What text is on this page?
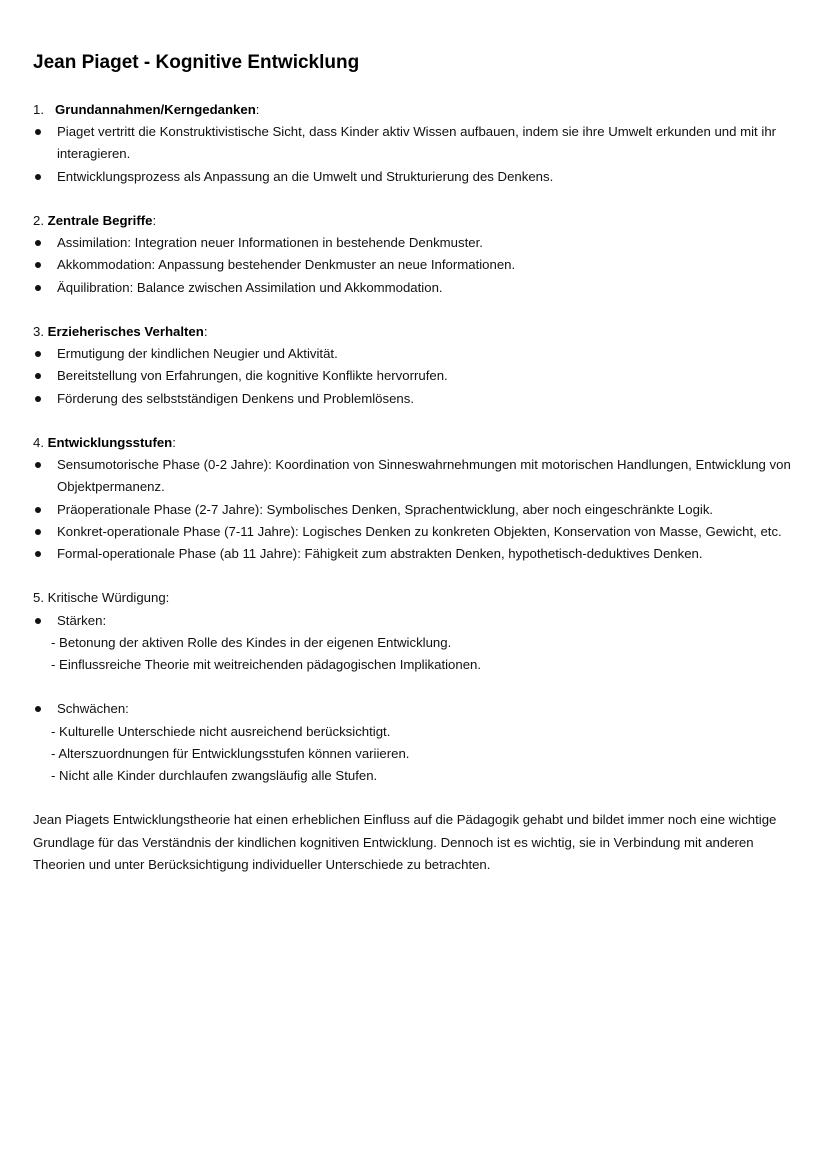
Jean Piaget - Kognitive Entwicklung
1. Grundannahmen/Kerngedanken:
Piaget vertritt die Konstruktivistische Sicht, dass Kinder aktiv Wissen aufbauen, indem sie ihre Umwelt erkunden und mit ihr interagieren.
Entwicklungsprozess als Anpassung an die Umwelt und Strukturierung des Denkens.
2. Zentrale Begriffe:
Assimilation: Integration neuer Informationen in bestehende Denkmuster.
Akkommodation: Anpassung bestehender Denkmuster an neue Informationen.
Äquilibration: Balance zwischen Assimilation und Akkommodation.
3. Erzieherisches Verhalten:
Ermutigung der kindlichen Neugier und Aktivität.
Bereitstellung von Erfahrungen, die kognitive Konflikte hervorrufen.
Förderung des selbstständigen Denkens und Problemlösens.
4. Entwicklungsstufen:
Sensumotorische Phase (0-2 Jahre): Koordination von Sinneswahrnehmungen mit motorischen Handlungen, Entwicklung von Objektpermanenz.
Präoperationale Phase (2-7 Jahre): Symbolisches Denken, Sprachentwicklung, aber noch eingeschränkte Logik.
Konkret-operationale Phase (7-11 Jahre): Logisches Denken zu konkreten Objekten, Konservation von Masse, Gewicht, etc.
Formal-operationale Phase (ab 11 Jahre): Fähigkeit zum abstrakten Denken, hypothetisch-deduktives Denken.
5. Kritische Würdigung:
Stärken:
- Betonung der aktiven Rolle des Kindes in der eigenen Entwicklung.
- Einflussreiche Theorie mit weitreichenden pädagogischen Implikationen.
Schwächen:
- Kulturelle Unterschiede nicht ausreichend berücksichtigt.
- Alterszuordnungen für Entwicklungsstufen können variieren.
- Nicht alle Kinder durchlaufen zwangsläufig alle Stufen.

Jean Piagets Entwicklungstheorie hat einen erheblichen Einfluss auf die Pädagogik gehabt und bildet immer noch eine wichtige Grundlage für das Verständnis der kindlichen kognitiven Entwicklung. Dennoch ist es wichtig, sie in Verbindung mit anderen Theorien und unter Berücksichtigung individueller Unterschiede zu betrachten.
